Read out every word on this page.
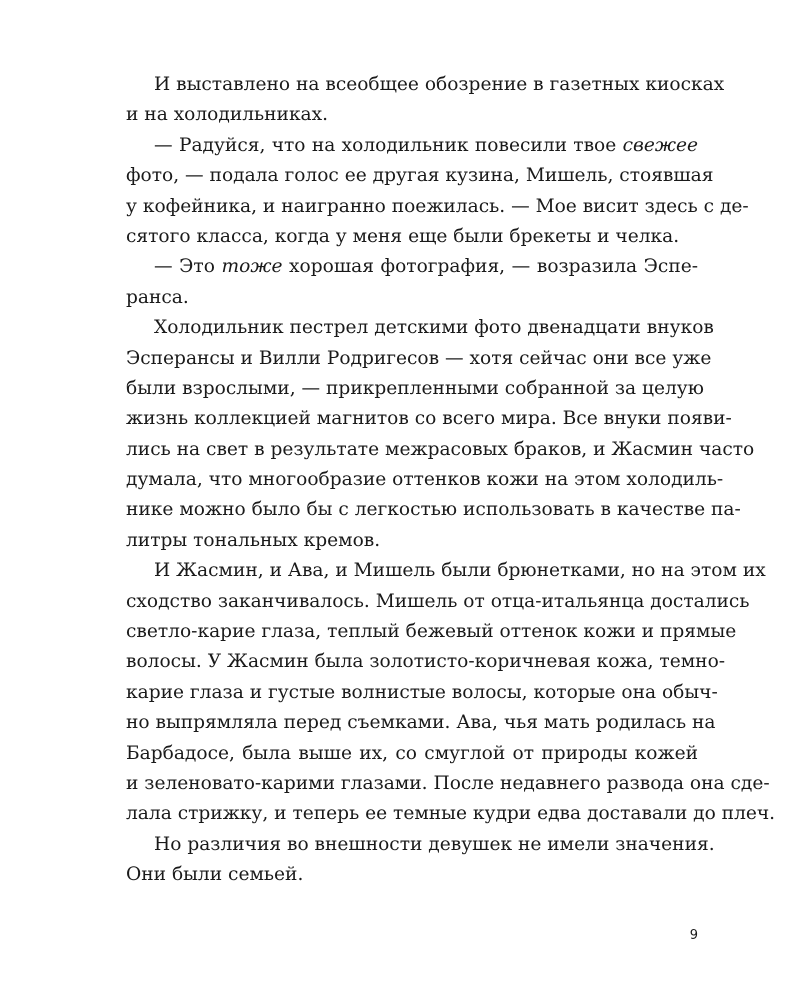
И выставлено на всеобщее обозрение в газетных киосках
и на холодильниках.
— Радуйся, что на холодильник повесили твое свежее
фото, — подала голос ее другая кузина, Мишель, стоявшая
у кофейника, и наигранно поежилась. — Мое висит здесь с де-
сятого класса, когда у меня еще были брекеты и челка.
— Это тоже хорошая фотография, — возразила Эспе-
ранса.
Холодильник пестрел детскими фото двенадцати внуков
Эсперансы и Вилли Родригесов — хотя сейчас они все уже
были взрослыми, — прикрепленными собранной за целую
жизнь коллекцией магнитов со всего мира. Все внуки появи-
лись на свет в результате межрасовых браков, и Жасмин часто
думала, что многообразие оттенков кожи на этом холодиль-
нике можно было бы с легкостью использовать в качестве па-
литры тональных кремов.
И Жасмин, и Ава, и Мишель были брюнетками, но на этом их
сходство заканчивалось. Мишель от отца-итальянца достались
светло-карие глаза, теплый бежевый оттенок кожи и прямые
волосы. У Жасмин была золотисто-коричневая кожа, темно-
карие глаза и густые волнистые волосы, которые она обыч-
но выпрямляла перед съемками. Ава, чья мать родилась на
Барбадосе, была выше их, со смуглой от природы кожей
и зеленовато-карими глазами. После недавнего развода она сде-
лала стрижку, и теперь ее темные кудри едва доставали до плеч.
Но различия во внешности девушек не имели значения.
Они были семьей.
9
